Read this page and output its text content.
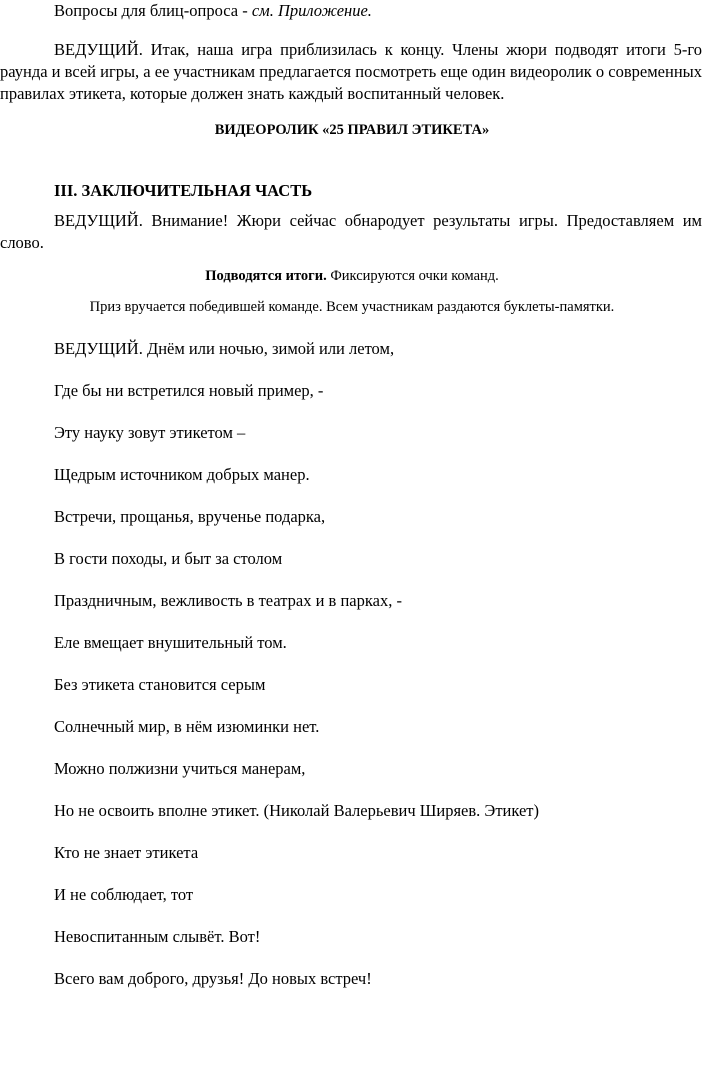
Вопросы для блиц-опроса - см. Приложение.
ВЕДУЩИЙ. Итак, наша игра приблизилась к концу. Члены жюри подводят итоги 5-го раунда и всей игры, а ее участникам предлагается посмотреть еще один видеоролик о современных правилах этикета, которые должен знать каждый воспитанный человек.
ВИДЕОРОЛИК «25 ПРАВИЛ ЭТИКЕТА»
III. ЗАКЛЮЧИТЕЛЬНАЯ ЧАСТЬ
ВЕДУЩИЙ. Внимание! Жюри сейчас обнародует результаты игры. Предоставляем им слово.
Подводятся итоги. Фиксируются очки команд.
Приз вручается победившей команде. Всем участникам раздаются буклеты-памятки.
ВЕДУЩИЙ. Днём или ночью, зимой или летом,
Где бы ни встретился новый пример, -
Эту науку зовут этикетом –
Щедрым источником добрых манер.
Встречи, прощанья, врученье подарка,
В гости походы, и быт за столом
Праздничным, вежливость в театрах и в парках, -
Еле вмещает внушительный том.
Без этикета становится серым
Солнечный мир, в нём изюминки нет.
Можно полжизни учиться манерам,
Но не освоить вполне этикет. (Николай Валерьевич Ширяев. Этикет)
Кто не знает этикета
И не соблюдает, тот
Невоспитанным слывёт. Вот!
Всего вам доброго, друзья! До новых встреч!
